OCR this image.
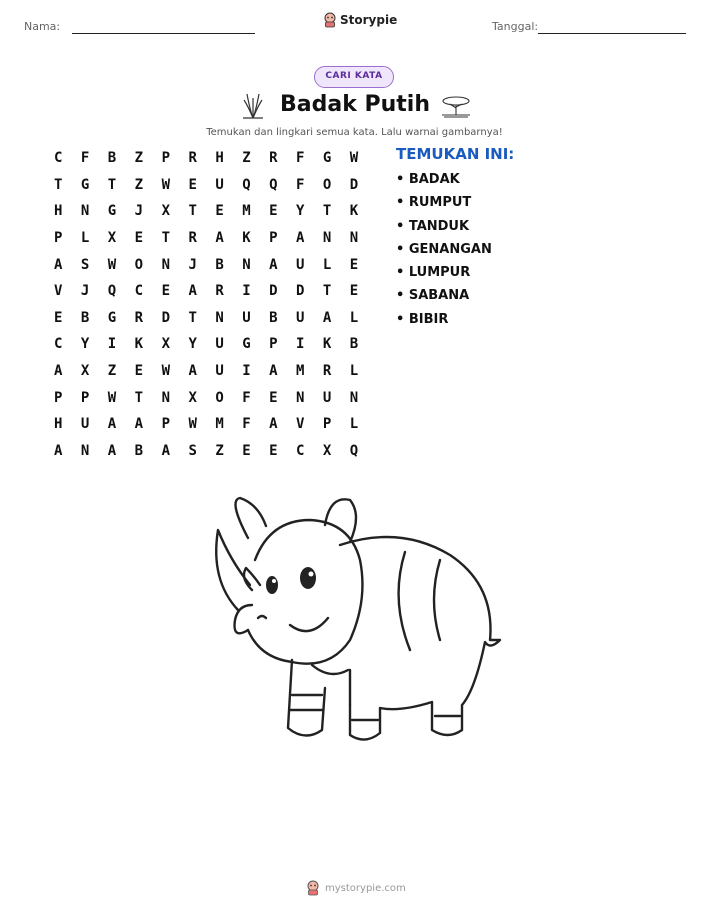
Nama:	Storypie	Tanggal:
CARI KATA
Badak Putih
Temukan dan lingkari semua kata. Lalu warnai gambarnya!
C	F	B	Z	P	R	H	Z	R	F	G	W
T	G	T	Z	W	E	U	Q	Q	F	O	D
H	N	G	J	X	T	E	M	E	Y	T	K
P	L	X	E	T	R	A	K	P	A	N	N
A	S	W	O	N	J	B	N	A	U	L	E
V	J	Q	C	E	A	R	I	D	D	T	E
E	B	G	R	D	T	N	U	B	U	A	L
C	Y	I	K	X	Y	U	G	P	I	K	B
A	X	Z	E	W	A	U	I	A	M	R	L
P	P	W	T	N	X	O	F	E	N	U	N
H	U	A	A	P	W	M	F	A	V	P	L
A	N	A	B	A	S	Z	E	E	C	X	Q
TEMUKAN INI:
• BADAK
• RUMPUT
• TANDUK
• GENANGAN
• LUMPUR
• SABANA
• BIBIR
mystorypie.com
